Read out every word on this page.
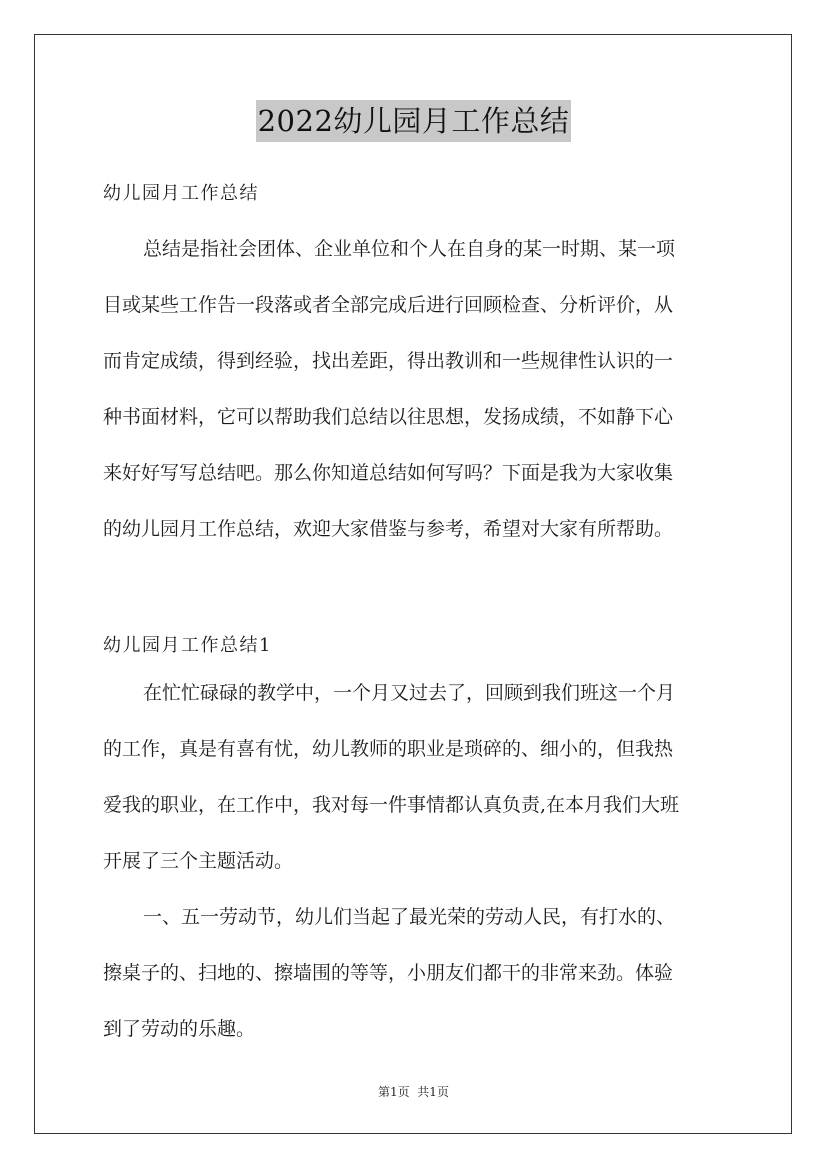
2022幼儿园月工作总结

幼儿园月工作总结

总结是指社会团体、企业单位和个人在自身的某一时期、某一项
目或某些工作告一段落或者全部完成后进行回顾检查、分析评价，从
而肯定成绩，得到经验，找出差距，得出教训和一些规律性认识的一
种书面材料，它可以帮助我们总结以往思想，发扬成绩，不如静下心
来好好写写总结吧。那么你知道总结如何写吗？下面是我为大家收集
的幼儿园月工作总结，欢迎大家借鉴与参考，希望对大家有所帮助。

幼儿园月工作总结1

在忙忙碌碌的教学中，一个月又过去了，回顾到我们班这一个月
的工作，真是有喜有忧，幼儿教师的职业是琐碎的、细小的，但我热
爱我的职业，在工作中，我对每一件事情都认真负责,在本月我们大班
开展了三个主题活动。
一、五一劳动节，幼儿们当起了最光荣的劳动人民，有打水的、
擦桌子的、扫地的、擦墙围的等等，小朋友们都干的非常来劲。体验
到了劳动的乐趣。
第1页  共1页
